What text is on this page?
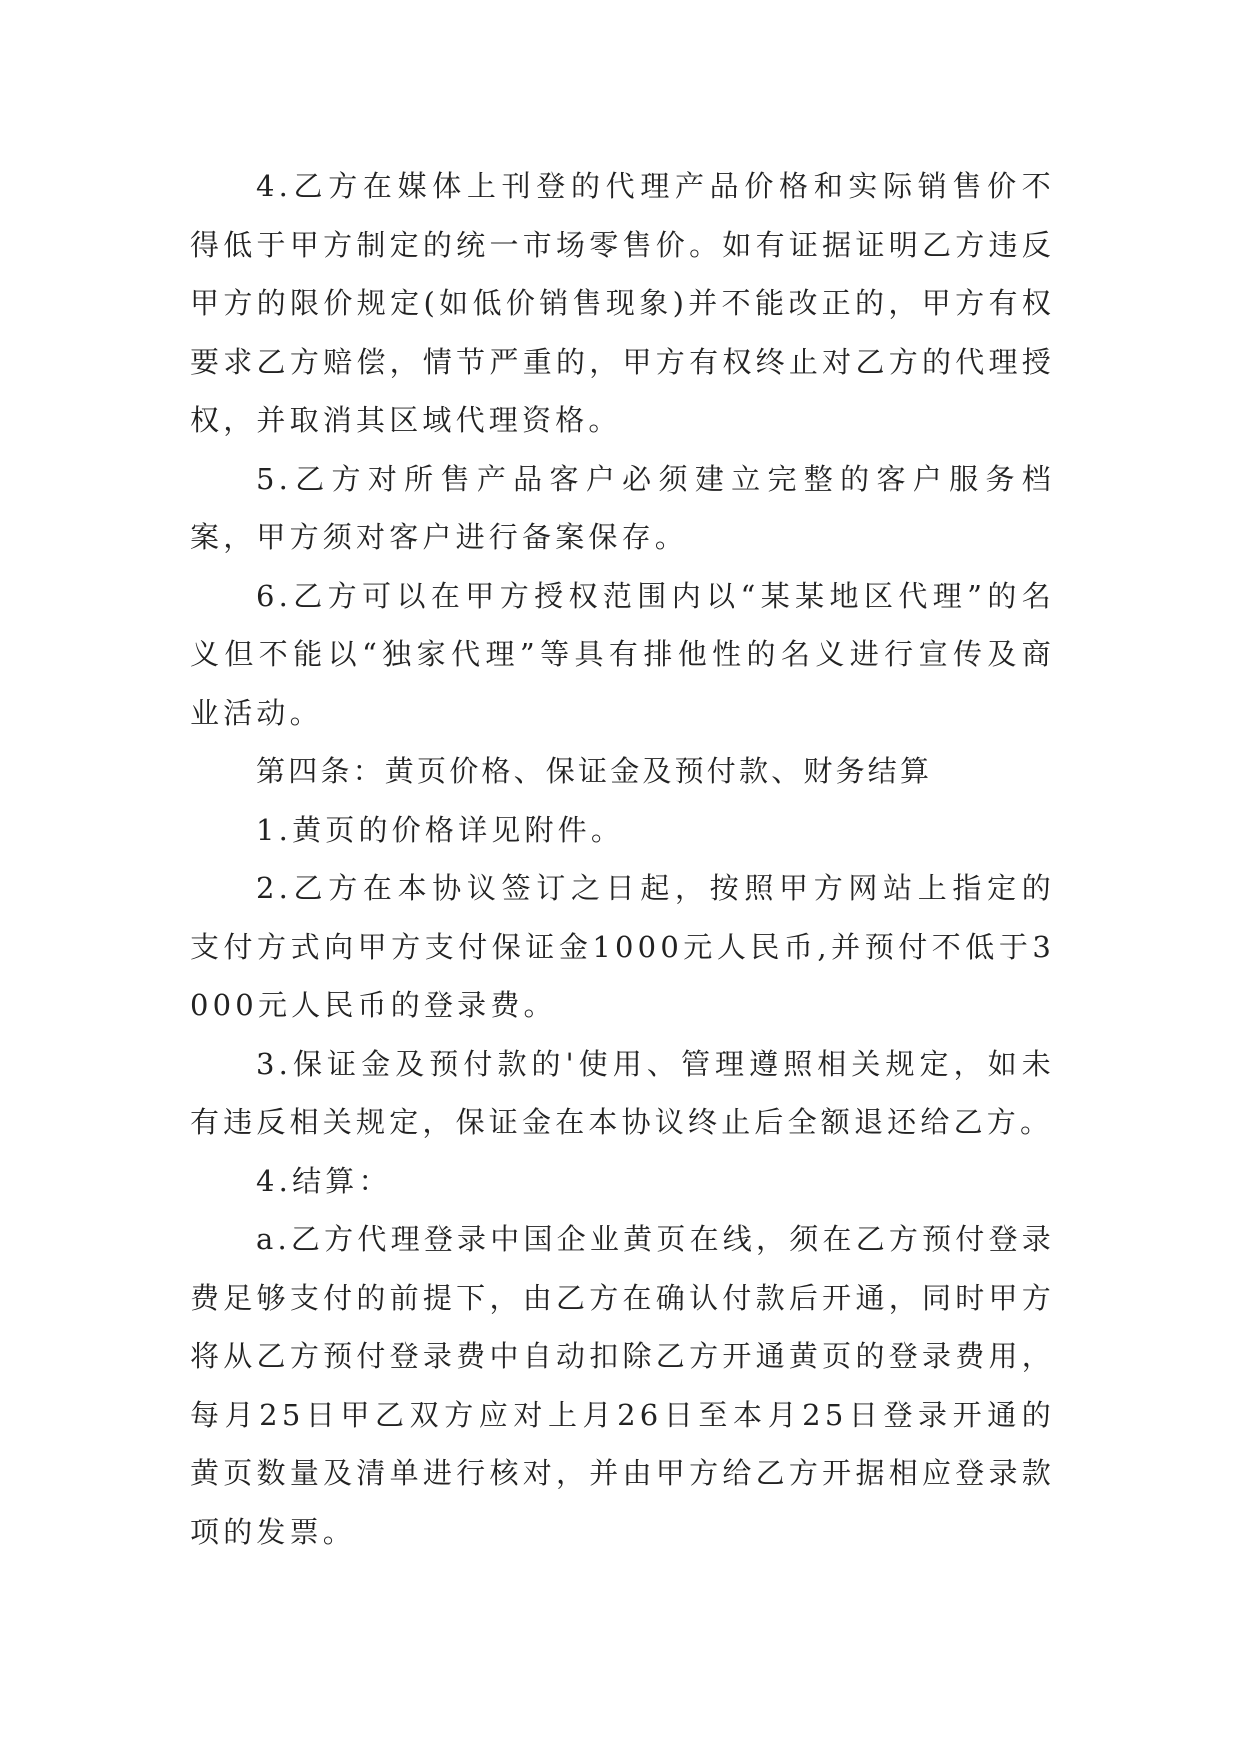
4.乙方在媒体上刊登的代理产品价格和实际销售价不得低于甲方制定的统一市场零售价。如有证据证明乙方违反甲方的限价规定(如低价销售现象)并不能改正的，甲方有权要求乙方赔偿，情节严重的，甲方有权终止对乙方的代理授权，并取消其区域代理资格。

5.乙方对所售产品客户必须建立完整的客户服务档案，甲方须对客户进行备案保存。

6.乙方可以在甲方授权范围内以“某某地区代理”的名义但不能以“独家代理”等具有排他性的名义进行宣传及商业活动。

第四条：黄页价格、保证金及预付款、财务结算

1.黄页的价格详见附件。

2.乙方在本协议签订之日起，按照甲方网站上指定的支付方式向甲方支付保证金1000元人民币,并预付不低于3000元人民币的登录费。

3.保证金及预付款的'使用、管理遵照相关规定，如未有违反相关规定，保证金在本协议终止后全额退还给乙方。

4.结算：

a.乙方代理登录中国企业黄页在线，须在乙方预付登录费足够支付的前提下，由乙方在确认付款后开通，同时甲方将从乙方预付登录费中自动扣除乙方开通黄页的登录费用，每月25日甲乙双方应对上月26日至本月25日登录开通的黄页数量及清单进行核对，并由甲方给乙方开据相应登录款项的发票。
